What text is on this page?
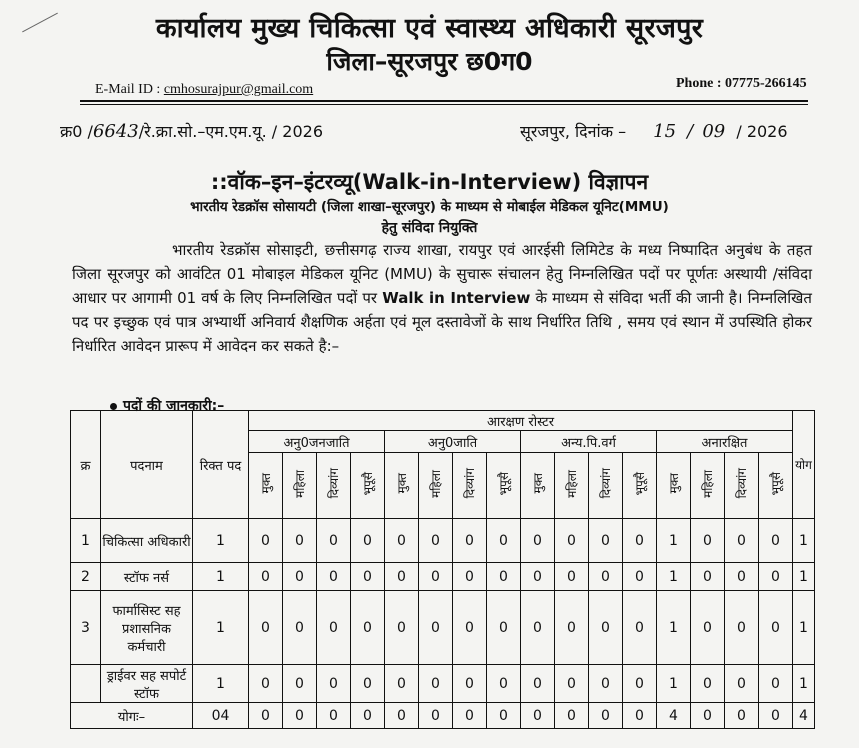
कार्यालय मुख्य चिकित्सा एवं स्वास्थ्य अधिकारी सूरजपुर
जिला–सूरजपुर छ0ग0
E-Mail ID : cmhosurajpur@gmail.com	Phone : 07775-266145
क्र0 /6643/रे.क्रा.सो.–एम.एम.यू. / 2026	सूरजपुर, दिनांक – 15 / 09 / 2026
::वॉक–इन–इंटरव्यू(Walk-in-Interview) विज्ञापन
भारतीय रेडक्रॉस सोसायटी (जिला शाखा–सूरजपुर) के माध्यम से मोबाईल मेडिकल यूनिट(MMU)
हेतु संविदा नियुक्ति
भारतीय रेडक्रॉस सोसाइटी, छत्तीसगढ़ राज्य शाखा, रायपुर एवं आरईसी लिमिटेड के मध्य निष्पादित अनुबंध के तहत जिला सूरजपुर को आवंटित 01 मोबाइल मेडिकल यूनिट (MMU) के सुचारू संचालन हेतु निम्नलिखित पदों पर पूर्णतः अस्थायी /संविदा आधार पर आगामी 01 वर्ष के लिए निम्नलिखित पदों पर Walk in Interview के माध्यम से संविदा भर्ती की जानी है। निम्नलिखित पद पर इच्छुक एवं पात्र अभ्यार्थी अनिवार्य शैक्षणिक अर्हता एवं मूल दस्तावेजों के साथ निर्धारित तिथि , समय एवं स्थान में उपस्थिति होकर निर्धारित आवेदन प्रारूप में आवेदन कर सकते है:–
पदों की जानकारी:–
क्र	पदनाम	रिक्त पद	आरक्षण रोस्टर																योग
			अनु0जनजाति				अनु0जाति				अन्य.पि.वर्ग				अनारक्षित				
			मुक्त	महिला	दिव्यांग	भूपूसै	मुक्त	महिला	दिव्यांग	भूपूसै	मुक्त	महिला	दिव्यांग	भूपूसै	मुक्त	महिला	दिव्यांग	भूपूसै	
1	चिकित्सा अधिकारी	1	0	0	0	0	0	0	0	0	0	0	0	0	1	0	0	0	1
2	स्टॉफ नर्स	1	0	0	0	0	0	0	0	0	0	0	0	0	1	0	0	0	1
3	फार्मासिस्ट सह प्रशासनिक कर्मचारी	1	0	0	0	0	0	0	0	0	0	0	0	0	1	0	0	0	1
	ड्राईवर सह सपोर्ट स्टॉफ	1	0	0	0	0	0	0	0	0	0	0	0	0	1	0	0	0	1
योगः–		04	0	0	0	0	0	0	0	0	0	0	0	0	4	0	0	0	4
